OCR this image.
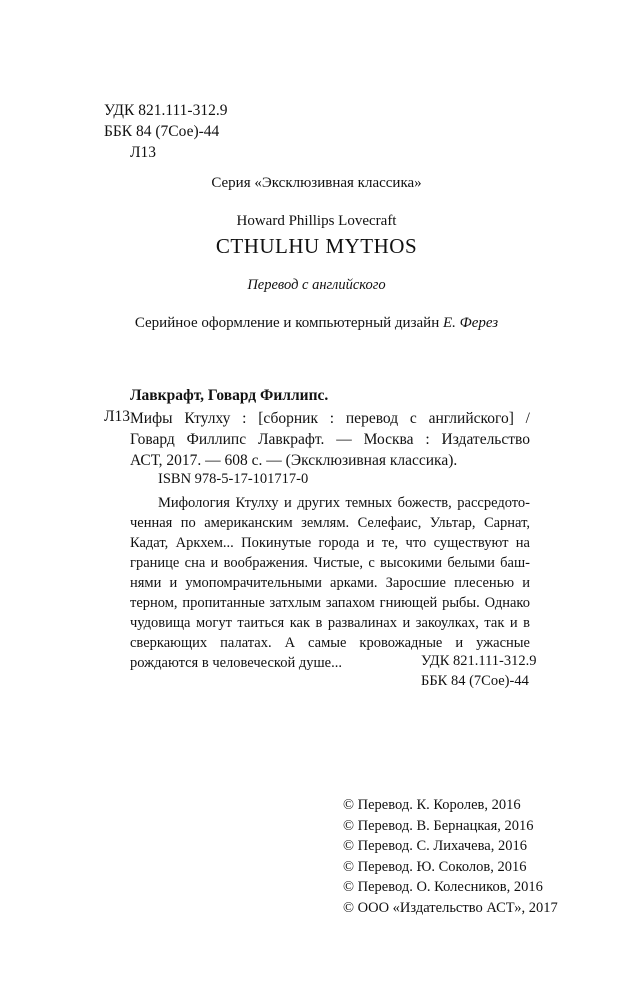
УДК 821.111-312.9
ББК 84 (7Сое)-44
Л13
Серия «Эксклюзивная классика»
Howard Phillips Lovecraft
CTHULHU MYTHOS
Перевод с английского
Серийное оформление и компьютерный дизайн Е. Ферез
Лавкрафт, Говард Филлипс.
Л13 Мифы Ктулху : [сборник : перевод с английского] /
Говард Филлипс Лавкрафт. — Москва : Издательство
АСТ, 2017. — 608 с. — (Эксклюзивная классика).
ISBN 978-5-17-101717-0
Мифология Ктулху и других темных божеств, рассредото-
ченная по американским землям. Селефаис, Ультар, Сарнат,
Кадат, Аркхем... Покинутые города и те, что существуют на
границе сна и воображения. Чистые, с высокими белыми баш-
нями и умопомрачительными арками. Заросшие плесенью и
терном, пропитанные затхлым запахом гниющей рыбы. Однако
чудовища могут таиться как в развалинах и закоулках, так и в
сверкающих палатах. А самые кровожадные и ужасные
рождаются в человеческой душе...	УДК 821.111-312.9
ББК 84 (7Сое)-44
© Перевод. К. Королев, 2016
© Перевод. В. Бернацкая, 2016
© Перевод. С. Лихачева, 2016
© Перевод. Ю. Соколов, 2016
© Перевод. О. Колесников, 2016
© ООО «Издательство АСТ», 2017
